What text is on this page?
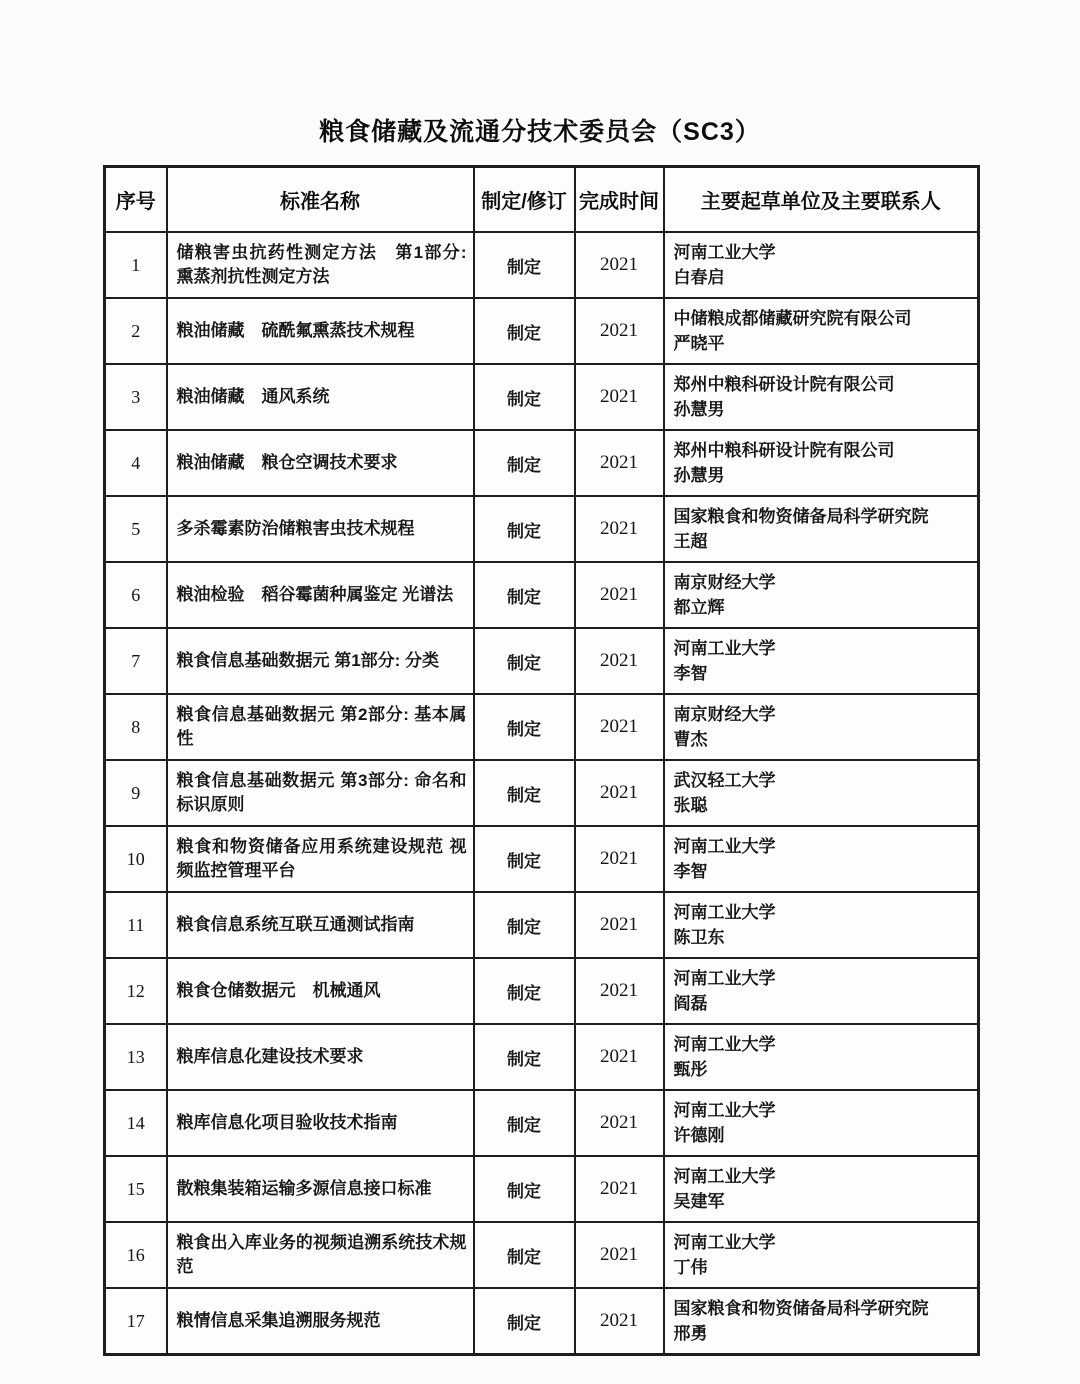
粮食储藏及流通分技术委员会（SC3）
序号	标准名称	制定/修订	完成时间	主要起草单位及主要联系人
1	储粮害虫抗药性测定方法　第1部分: 熏蒸剂抗性测定方法	制定	2021	河南工业大学
白春启

2	粮油储藏　硫酰氟熏蒸技术规程	制定	2021	中储粮成都储藏研究院有限公司
严晓平

3	粮油储藏　通风系统	制定	2021	郑州中粮科研设计院有限公司
孙慧男

4	粮油储藏　粮仓空调技术要求	制定	2021	郑州中粮科研设计院有限公司
孙慧男

5	多杀霉素防治储粮害虫技术规程	制定	2021	国家粮食和物资储备局科学研究院
王超

6	粮油检验　稻谷霉菌种属鉴定 光谱法	制定	2021	南京财经大学
都立辉

7	粮食信息基础数据元 第1部分: 分类	制定	2021	河南工业大学
李智

8	粮食信息基础数据元 第2部分: 基本属性	制定	2021	南京财经大学
曹杰

9	粮食信息基础数据元 第3部分: 命名和标识原则	制定	2021	武汉轻工大学
张聪

10	粮食和物资储备应用系统建设规范 视频监控管理平台	制定	2021	河南工业大学
李智

11	粮食信息系统互联互通测试指南	制定	2021	河南工业大学
陈卫东

12	粮食仓储数据元　机械通风	制定	2021	河南工业大学
阎磊

13	粮库信息化建设技术要求	制定	2021	河南工业大学
甄彤

14	粮库信息化项目验收技术指南	制定	2021	河南工业大学
许德刚

15	散粮集装箱运输多源信息接口标准	制定	2021	河南工业大学
吴建军

16	粮食出入库业务的视频追溯系统技术规范	制定	2021	河南工业大学
丁伟

17	粮情信息采集追溯服务规范	制定	2021	国家粮食和物资储备局科学研究院
邢勇
